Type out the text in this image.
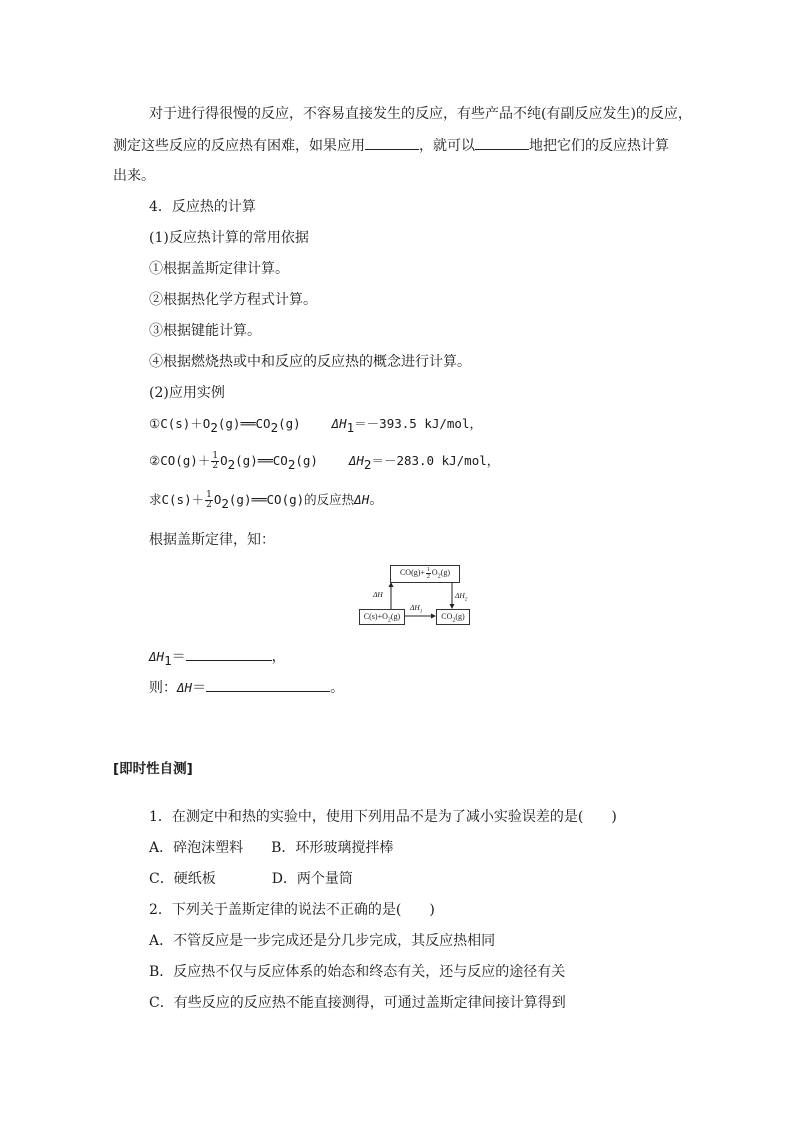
对于进行得很慢的反应，不容易直接发生的反应，有些产品不纯(有副反应发生)的反应，
测定这些反应的反应热有困难，如果应用	，就可以	地把它们的反应热计算
出来。
4．反应热的计算
(1)反应热计算的常用依据
①根据盖斯定律计算。
②根据热化学方程式计算。
③根据键能计算。
④根据燃烧热或中和反应的反应热的概念进行计算。
(2)应用实例
$①C(s)+O_2(g)══CO_2(g)$ $\Delta H_1=-393.5$ kJ/mol，
②CO(g)＋ $\frac{1}{2}$ $O_2(g)══CO_2(g)$ $\Delta H_2=-283.0$ kJ/mol，
求$C(s)+ \frac{1}{2}$ $O_2(g)══CO(g)$的反应热ΔH。
根据盖斯定律，知：
$CO(g)+ \frac{1}{2} O_2(g)$
$C(s)+O_2(g)$	$CO_2(g)$
ΔH
$\Delta H_1$
$\Delta H_2$
$\Delta H_1=$	，
则：ΔH＝	。
[即时性自测]
1．在测定中和热的实验中，使用下列用品不是为了减小实验误差的是(　　)
A．碎泡沫塑料　　B．环形玻璃搅拌棒
C．硬纸板　　　　D．两个量筒
2．下列关于盖斯定律的说法不正确的是(　　)
A．不管反应是一步完成还是分几步完成，其反应热相同
B．反应热不仅与反应体系的始态和终态有关，还与反应的途径有关
C．有些反应的反应热不能直接测得，可通过盖斯定律间接计算得到
